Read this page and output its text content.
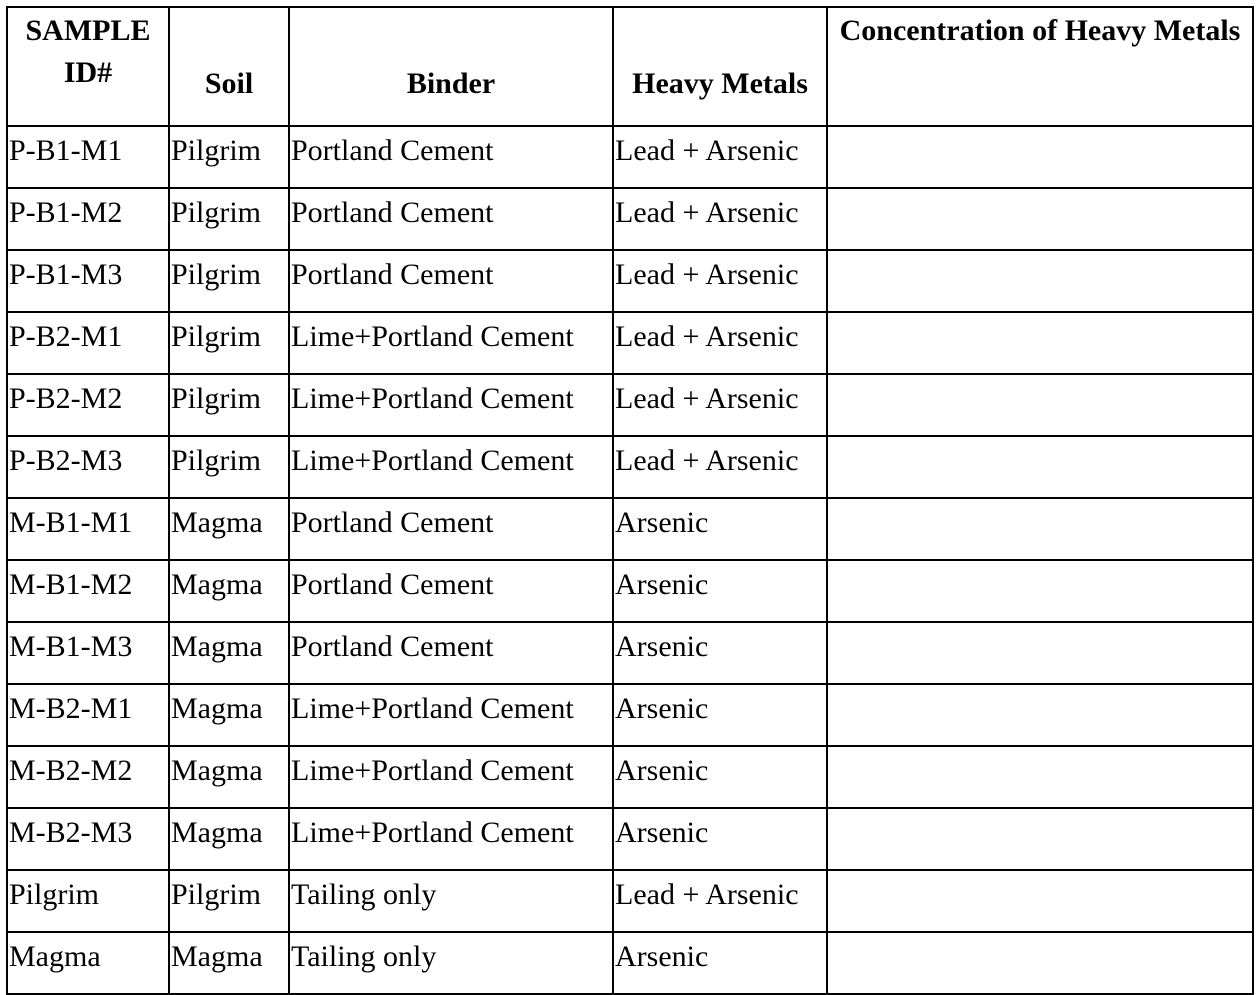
SAMPLE ID#	Soil	Binder	Heavy Metals	Concentration of Heavy Metals
P-B1-M1	Pilgrim	Portland Cement	Lead + Arsenic	
P-B1-M2	Pilgrim	Portland Cement	Lead + Arsenic	
P-B1-M3	Pilgrim	Portland Cement	Lead + Arsenic	
P-B2-M1	Pilgrim	Lime+Portland Cement	Lead + Arsenic	
P-B2-M2	Pilgrim	Lime+Portland Cement	Lead + Arsenic	
P-B2-M3	Pilgrim	Lime+Portland Cement	Lead + Arsenic	
M-B1-M1	Magma	Portland Cement	Arsenic	
M-B1-M2	Magma	Portland Cement	Arsenic	
M-B1-M3	Magma	Portland Cement	Arsenic	
M-B2-M1	Magma	Lime+Portland Cement	Arsenic	
M-B2-M2	Magma	Lime+Portland Cement	Arsenic	
M-B2-M3	Magma	Lime+Portland Cement	Arsenic	
Pilgrim	Pilgrim	Tailing only	Lead + Arsenic	
Magma	Magma	Tailing only	Arsenic	
